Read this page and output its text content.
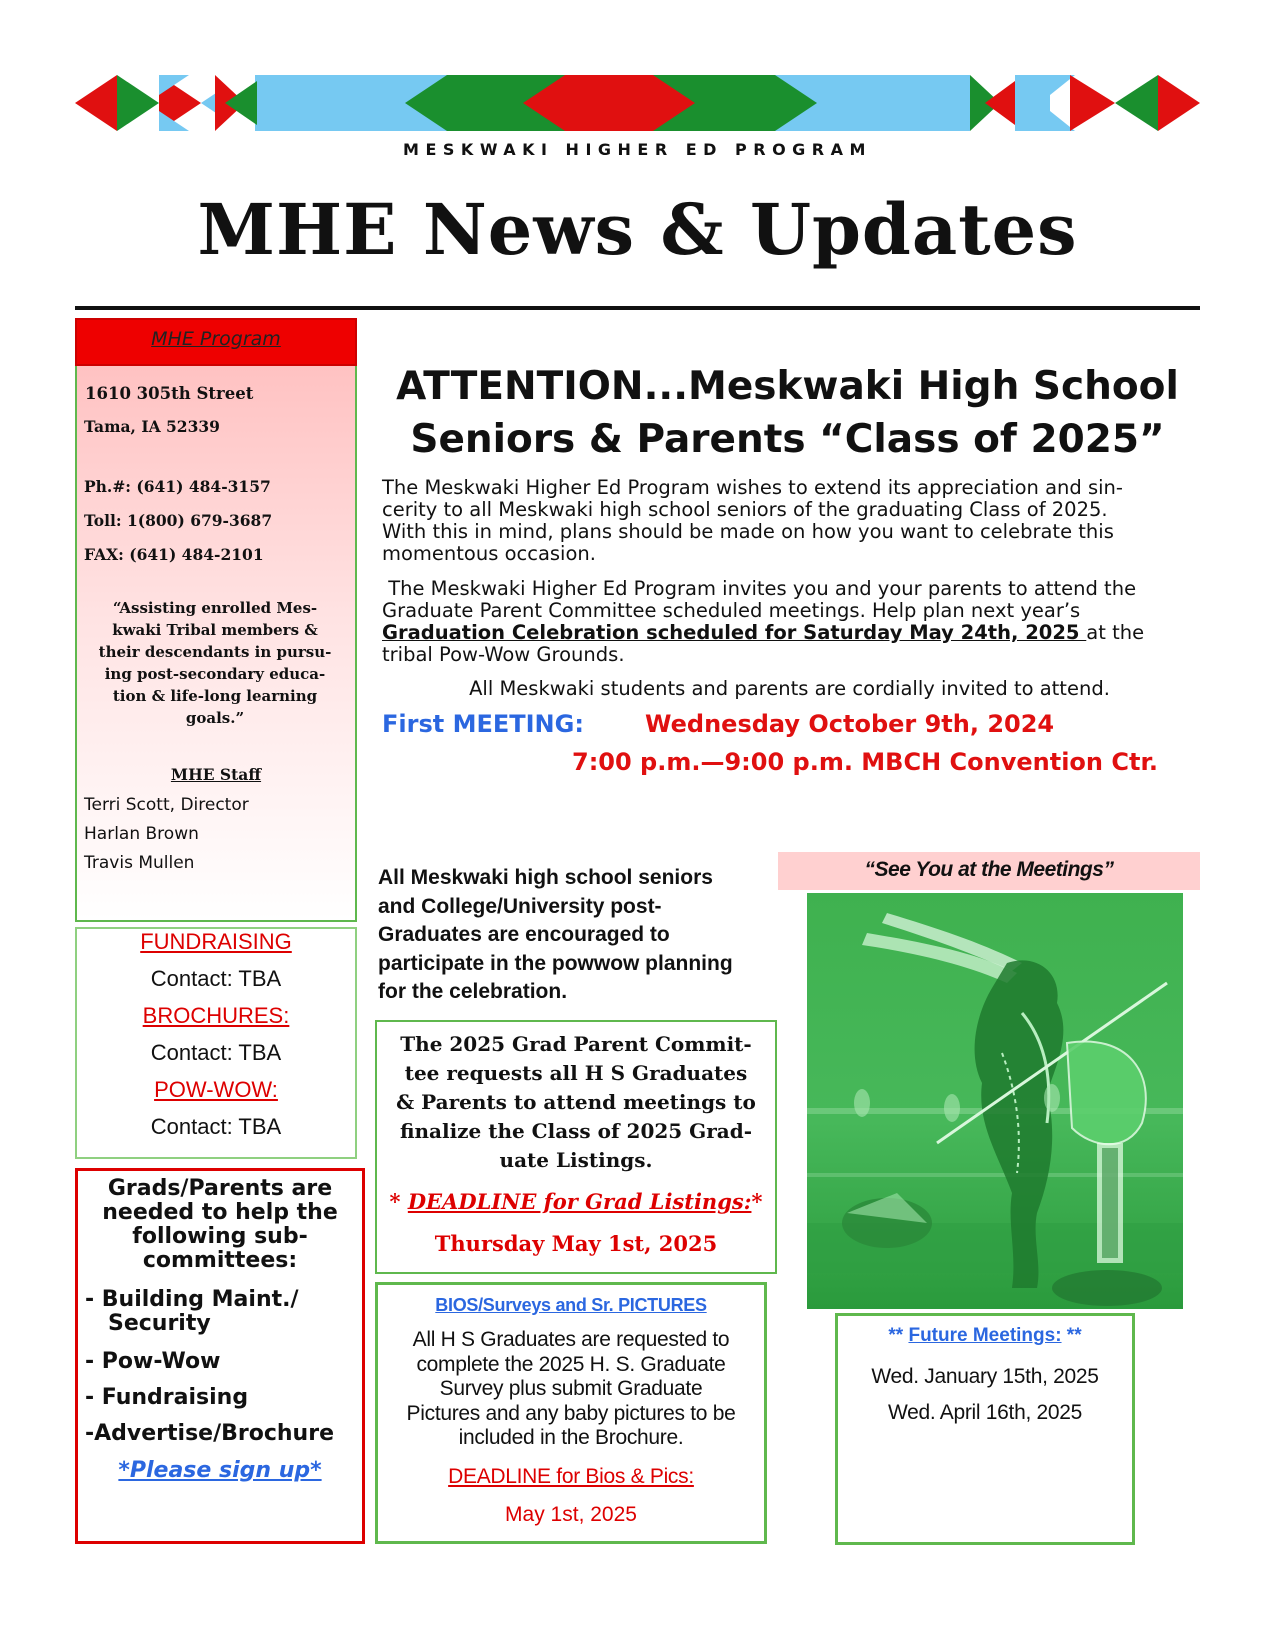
MESKWAKI HIGHER ED PROGRAM
MHE News & Updates
MHE Program
1610 305th Street
Tama, IA 52339
Ph.#: (641) 484-3157
Toll: 1(800) 679-3687
FAX: (641) 484-2101
“Assisting enrolled Mes-
kwaki Tribal members &
their descendants in pursu-
ing post-secondary educa-
tion & life-long learning
goals.”
MHE Staff
Terri Scott, Director
Harlan Brown
Travis Mullen
FUNDRAISING
Contact: TBA
BROCHURES:
Contact: TBA
POW-WOW:
Contact: TBA
Grads/Parents are
needed to help the
following sub-
committees:
- Building Maint./
Security
- Pow-Wow
- Fundraising
-Advertise/Brochure
*Please sign up*
ATTENTION...Meskwaki High School
Seniors & Parents “Class of 2025”
The Meskwaki Higher Ed Program wishes to extend its appreciation and sin-
cerity to all Meskwaki high school seniors of the graduating Class of 2025.
With this in mind, plans should be made on how you want to celebrate this
momentous occasion.
The Meskwaki Higher Ed Program invites you and your parents to attend the
Graduate Parent Committee scheduled meetings. Help plan next year’s
Graduation Celebration scheduled for Saturday May 24th, 2025 at the
tribal Pow-Wow Grounds.
All Meskwaki students and parents are cordially invited to attend.
First MEETING:	Wednesday October 9th, 2024
7:00 p.m.—9:00 p.m. MBCH Convention Ctr.
All Meskwaki high school seniors
and College/University post-
Graduates are encouraged to
participate in the powwow planning
for the celebration.
The 2025 Grad Parent Commit-
tee requests all H S Graduates
& Parents to attend meetings to
finalize the Class of 2025 Grad-
uate Listings.
* DEADLINE for Grad Listings:*
Thursday May 1st, 2025
BIOS/Surveys and Sr. PICTURES
All H S Graduates are requested to
complete the 2025 H. S. Graduate
Survey plus submit Graduate
Pictures and any baby pictures to be
included in the Brochure.
DEADLINE for Bios & Pics:
May 1st, 2025
“See You at the Meetings”
** Future Meetings: **
Wed. January 15th, 2025
Wed. April 16th, 2025
